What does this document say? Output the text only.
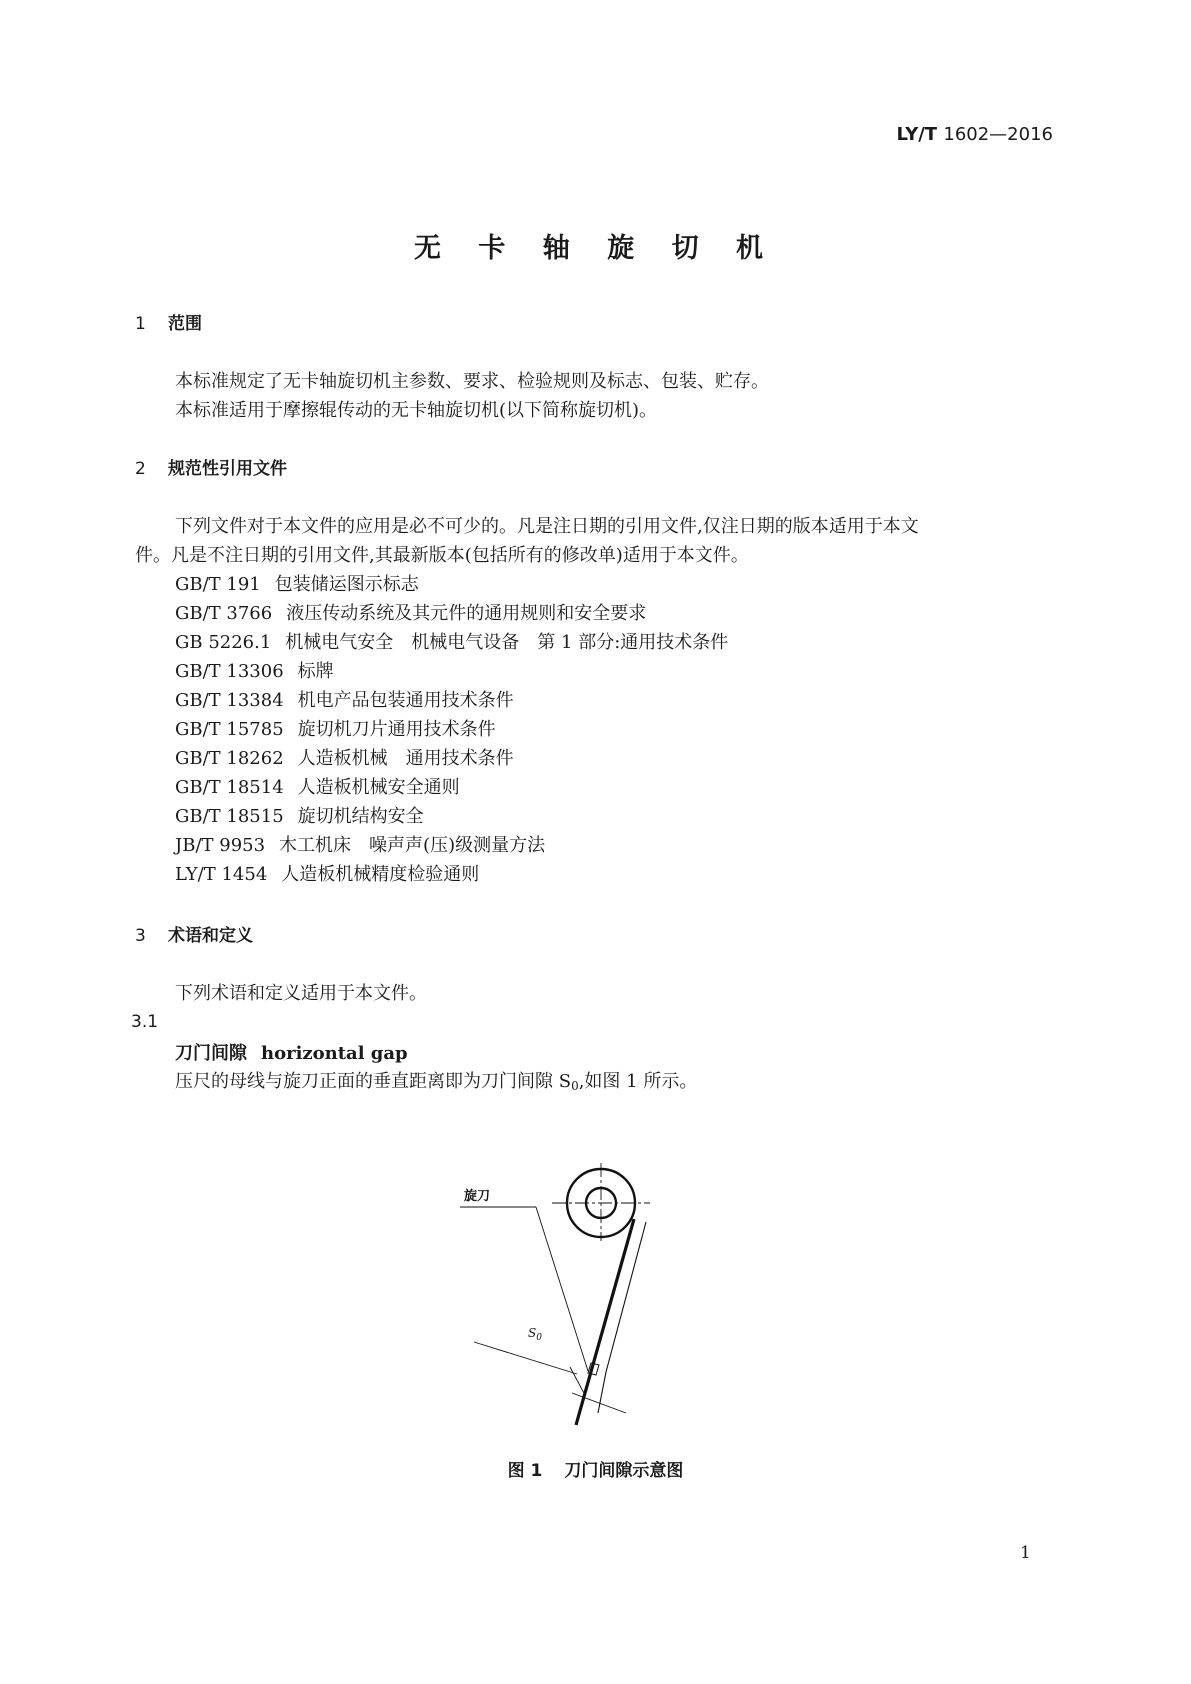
LY/T 1602—2016
无 卡 轴 旋 切 机
1 范围
本标准规定了无卡轴旋切机主参数、要求、检验规则及标志、包装、贮存。
本标准适用于摩擦辊传动的无卡轴旋切机(以下简称旋切机)。
2 规范性引用文件
下列文件对于本文件的应用是必不可少的。凡是注日期的引用文件,仅注日期的版本适用于本文
件。凡是不注日期的引用文件,其最新版本(包括所有的修改单)适用于本文件。
GB/T 191 包装储运图示标志
GB/T 3766 液压传动系统及其元件的通用规则和安全要求
GB 5226.1 机械电气安全　机械电气设备　第 1 部分:通用技术条件
GB/T 13306 标牌
GB/T 13384 机电产品包装通用技术条件
GB/T 15785 旋切机刀片通用技术条件
GB/T 18262 人造板机械　通用技术条件
GB/T 18514 人造板机械安全通则
GB/T 18515 旋切机结构安全
JB/T 9953 木工机床　噪声声(压)级测量方法
LY/T 1454 人造板机械精度检验通则
3 术语和定义
下列术语和定义适用于本文件。
3.1
刀门间隙 horizontal gap
压尺的母线与旋刀正面的垂直距离即为刀门间隙 $S_0$,如图 1 所示。
旋刀
$S_0$
图 1 刀门间隙示意图
1
